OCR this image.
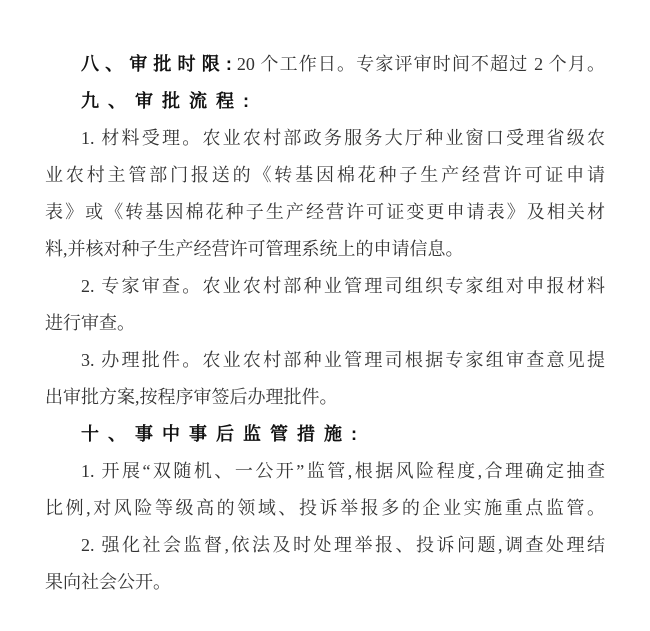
八、审批时限:20 个工作日。专家评审时间不超过 2 个月。
九、审批流程:
1. 材料受理。农业农村部政务服务大厅种业窗口受理省级农
业农村主管部门报送的《转基因棉花种子生产经营许可证申请
表》或《转基因棉花种子生产经营许可证变更申请表》及相关材
料,并核对种子生产经营许可管理系统上的申请信息。
2. 专家审查。农业农村部种业管理司组织专家组对申报材料
进行审查。
3. 办理批件。农业农村部种业管理司根据专家组审查意见提
出审批方案,按程序审签后办理批件。
十、事中事后监管措施:
1. 开展“双随机、一公开”监管,根据风险程度,合理确定抽查
比例,对风险等级高的领域、投诉举报多的企业实施重点监管。
2. 强化社会监督,依法及时处理举报、投诉问题,调查处理结
果向社会公开。
